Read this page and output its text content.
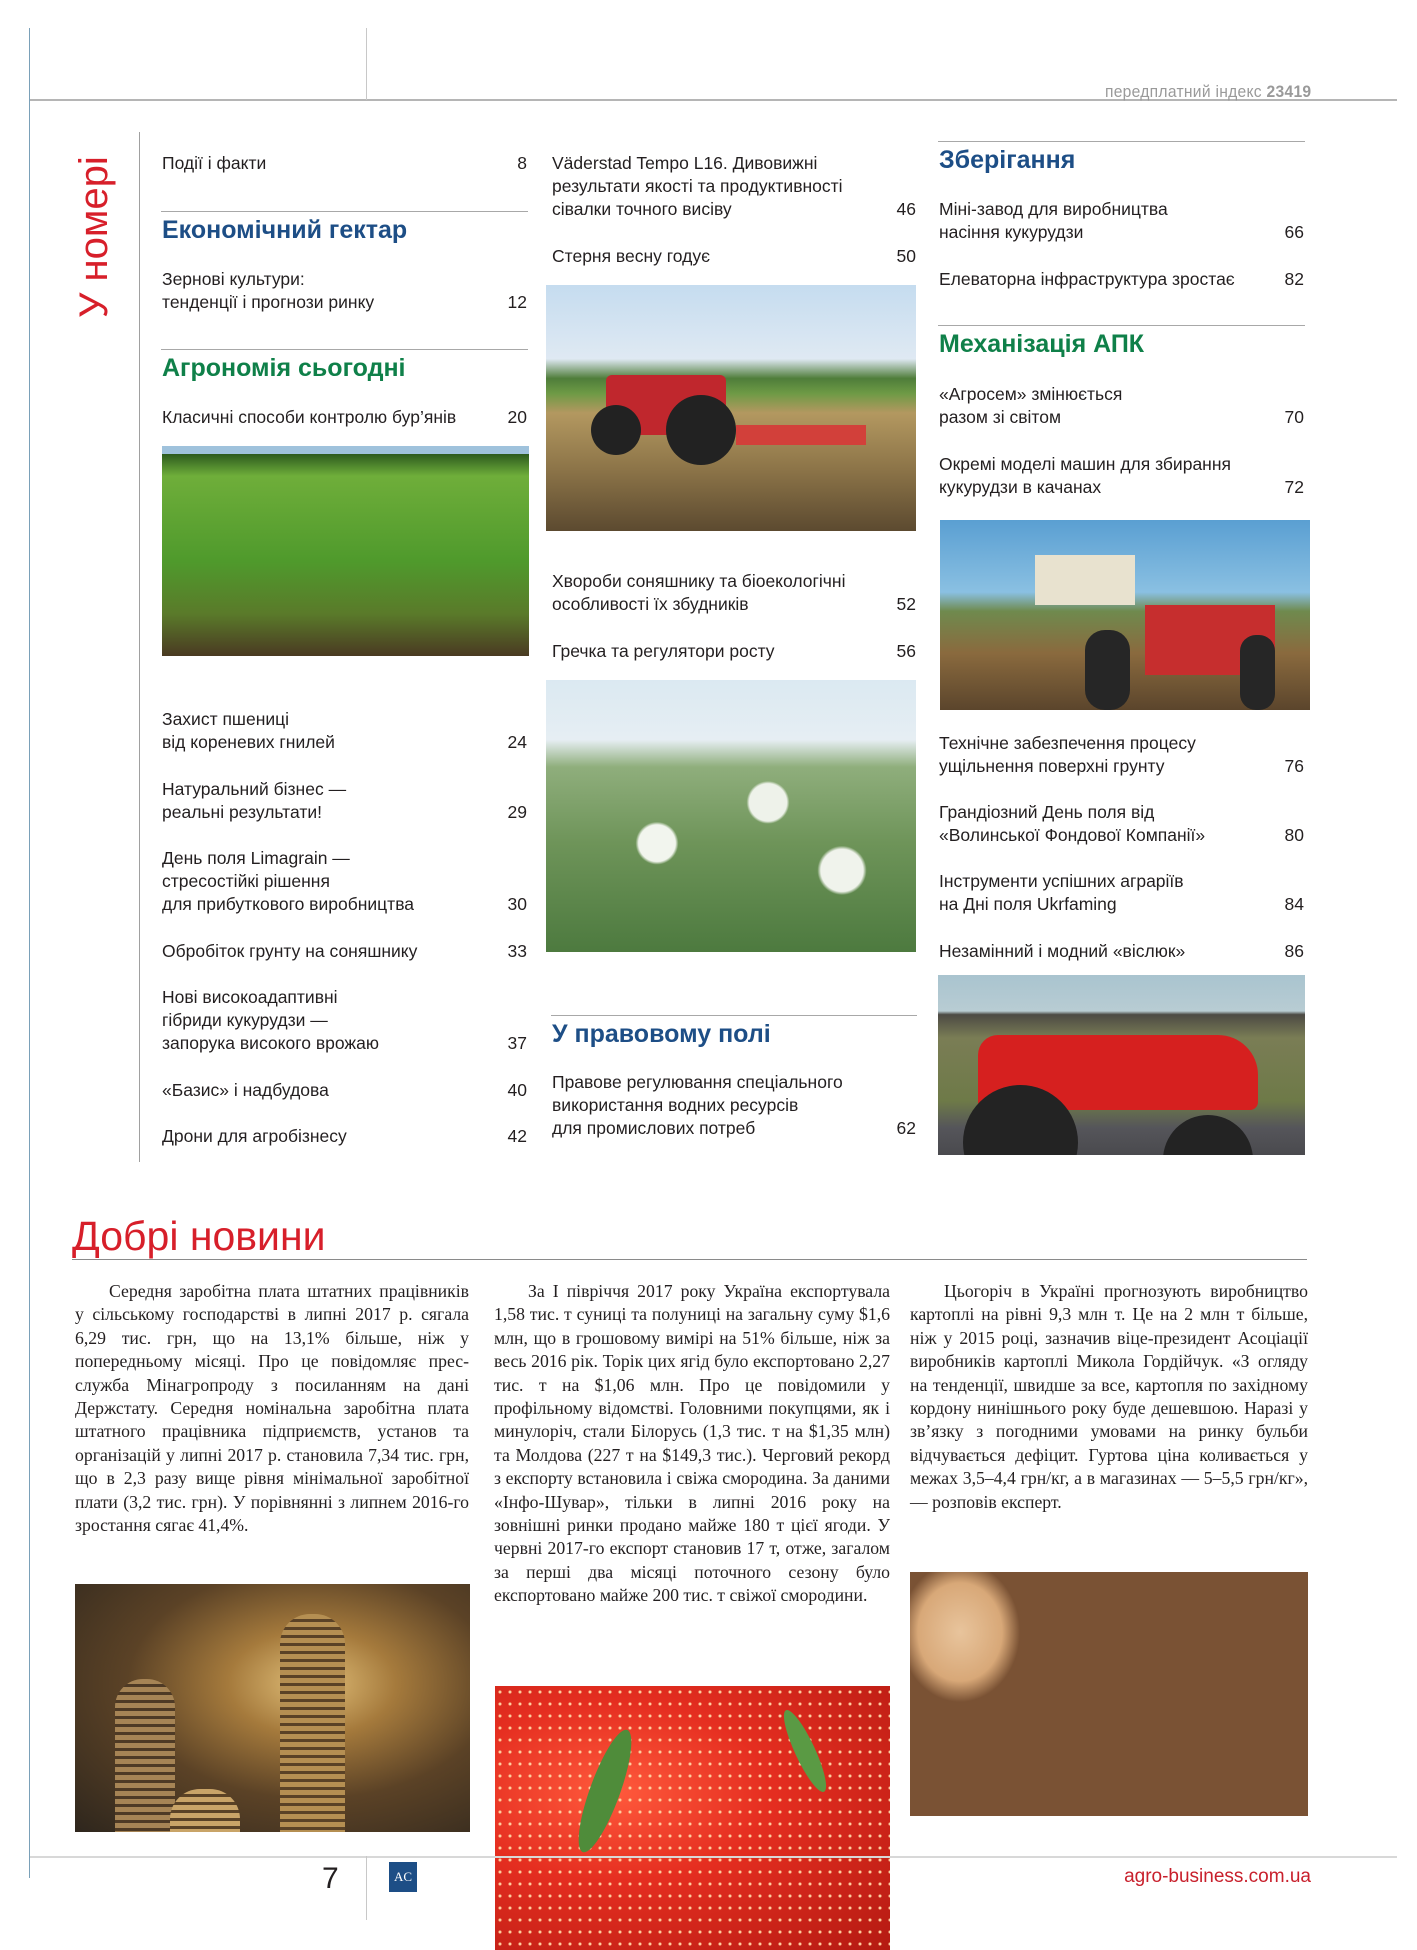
передплатний індекс 23419
У номері	Події і факти	8
Економічний гектар
Зернові культури:
тенденції і прогнози ринку	12
Агрономія сьогодні
Класичні способи контролю бур’янів	20
Захист пшениці
від кореневих гнилей	24
Натуральний бізнес —
реальні результати!	29
День поля Limagrain —
стресостійкі рішення
для прибуткового виробництва	30
Обробіток грунту на соняшнику	33
Нові високоадаптивні
гібриди кукурудзи —
запорука високого врожаю	37
«Базис» і надбудова	40
Дрони для агробізнесу	42
Väderstad Tempo L16. Дивовижні
результати якості та продуктивності
сівалки точного висіву	46
Стерня весну годує	50
Хвороби соняшнику та біоекологічні
особливості їх збудників	52
Гречка та регулятори росту	56
У правовому полі
Правове регулювання спеціального
використання водних ресурсів
для промислових потреб	62
Зберігання
Міні-завод для виробництва
насіння кукурудзи	66
Елеваторна інфраструктура зростає	82
Механізація АПК
«Агросем» змінюється
разом зі світом	70
Окремі моделі машин для збирання
кукурудзи в качанах	72
Технічне забезпечення процесу
ущільнення поверхні грунту	76
Грандіозний День поля від
«Волинської Фондової Компанії»	80
Інструменти успішних аграріїв
на Дні поля Ukrfaming	84
Незамінний і модний «віслюк»	86
Добрі новини

Середня заробітна плата штатних працівників у сільському господарстві в липні 2017 р. сягала 6,29 тис. грн, що на 13,1% більше, ніж у попередньому місяці. Про це повідомляє прес-служба Мінагропроду з посиланням на дані Держстату. Середня номінальна заробітна плата штатного працівника підприємств, установ та організацій у липні 2017 р. становила 7,34 тис. грн, що в 2,3 разу вище рівня мінімальної заробітної плати (3,2 тис. грн). У порівнянні з липнем 2016-го зростання сягає 41,4%.

За І півріччя 2017 року Україна експортувала 1,58 тис. т суниці та полуниці на загальну суму $1,6 млн, що в грошовому вимірі на 51% більше, ніж за весь 2016 рік. Торік цих ягід було експортовано 2,27 тис. т на $1,06 млн. Про це повідомили у профільному відомстві. Головними покупцями, як і минулоріч, стали Білорусь (1,3 тис. т на $1,35 млн) та Молдова (227 т на $149,3 тис.). Черговий рекорд з експорту встановила і свіжа смородина. За даними «Інфо-Шувар», тільки в липні 2016 року на зовнішні ринки продано майже 180 т цієї ягоди. У червні 2017-го експорт становив 17 т, отже, загалом за перші два місяці поточного сезону було експортовано майже 200 тис. т свіжої смородини.

Цьогоріч в Україні прогнозують виробництво картоплі на рівні 9,3 млн т. Це на 2 млн т більше, ніж у 2015 році, зазначив віце-президент Асоціації виробників картоплі Микола Гордійчук. «З огляду на тенденції, швидше за все, картопля по західному кордону нинішнього року буде дешевшою. Наразі у зв’язку з погодними умовами на ринку бульби відчувається дефіцит. Гуртова ціна коливається у межах 3,5–4,4 грн/кг, а в магазинах — 5–5,5 грн/кг», — розповів експерт.

7	AC	agro-business.com.ua
